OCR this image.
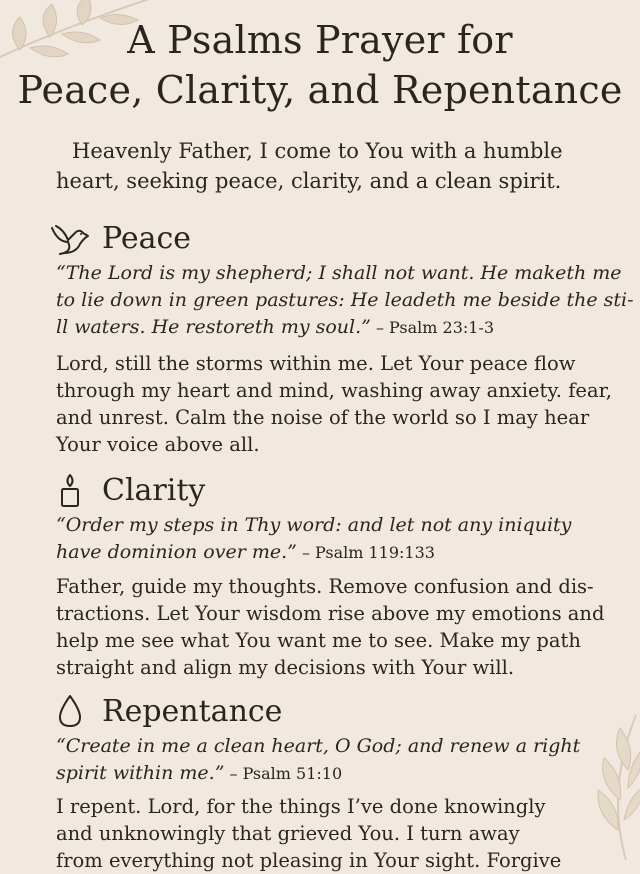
A Psalms Prayer for
Peace, Clarity, and Repentance

Heavenly Father, I come to You with a humble

heart, seeking peace, clarity, and a clean spirit.

Peace

“The Lord is my shepherd; I shall not want. He maketh me

to lie down in green pastures: He leadeth me beside the sti-

ll waters. He restoreth my soul.” – Psalm 23:1-3

Lord, still the storms within me. Let Your peace flow

through my heart and mind, washing away anxiety. fear,

and unrest. Calm the noise of the world so I may hear

Your voice above all.

Clarity

“Order my steps in Thy word: and let not any iniquity

have dominion over me.” – Psalm 119:133

Father, guide my thoughts. Remove confusion and dis-

tractions. Let Your wisdom rise above my emotions and

help me see what You want me to see. Make my path

straight and align my decisions with Your will.

Repentance

“Create in me a clean heart, O God; and renew a right

spirit within me.” – Psalm 51:10

I repent. Lord, for the things I’ve done knowingly

and unknowingly that grieved You. I turn away

from everything not pleasing in Your sight. Forgive
